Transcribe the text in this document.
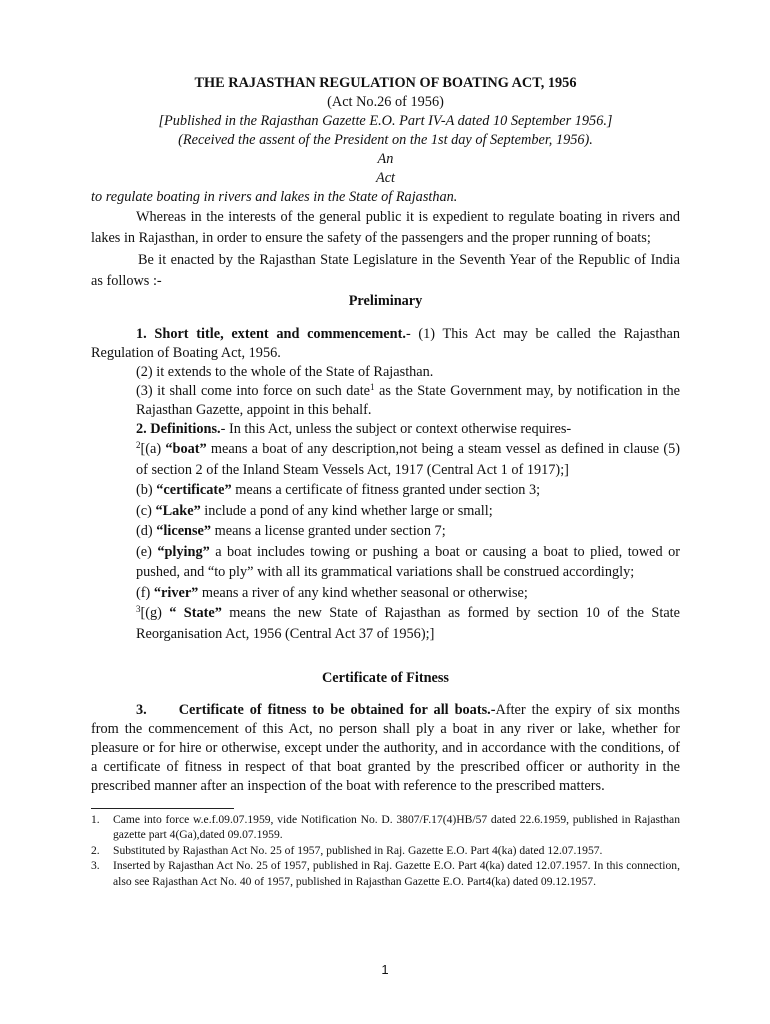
THE RAJASTHAN REGULATION OF BOATING ACT, 1956

(Act No.26 of 1956)

[Published in the Rajasthan Gazette E.O. Part IV-A dated 10 September 1956.]

(Received the assent of the President on the 1st day of September, 1956).

An

Act

to regulate boating in rivers and lakes in the State of Rajasthan.

Whereas in the interests of the general public it is expedient to regulate boating in rivers and lakes in Rajasthan, in order to ensure the safety of the passengers and the proper running of boats;

Be it enacted by the Rajasthan State Legislature in the Seventh Year of the Republic of India as follows :-

Preliminary

1. Short title, extent and commencement.- (1) This Act may be called the Rajasthan Regulation of Boating Act, 1956.

(2) it extends to the whole of the State of Rajasthan.

(3) it shall come into force on such date$^1$ as the State Government may, by notification in the Rajasthan Gazette, appoint in this behalf.

2. Definitions.- In this Act, unless the subject or context otherwise requires-

$^2$[(a) “boat” means a boat of any description,not being a steam vessel as defined in clause (5) of section 2 of the Inland Steam Vessels Act, 1917 (Central Act 1 of 1917);]

(b) “certificate” means a certificate of fitness granted under section 3;

(c) “Lake” include a pond of any kind whether large or small;

(d) “license” means a license granted under section 7;

(e) “plying” a boat includes towing or pushing a boat or causing a boat to plied, towed or pushed, and “to ply” with all its grammatical variations shall be construed accordingly;

(f) “river” means a river of any kind whether seasonal or otherwise;

$^3$[(g) “ State” means the new State of Rajasthan as formed by section 10 of the State Reorganisation Act, 1956 (Central Act 37 of 1956);]

Certificate of Fitness

3. Certificate of fitness to be obtained for all boats.-After the expiry of six months from the commencement of this Act, no person shall ply a boat in any river or lake, whether for pleasure or for hire or otherwise, except under the authority, and in accordance with the conditions, of a certificate of fitness in respect of that boat granted by the prescribed officer or authority in the prescribed manner after an inspection of the boat with reference to the prescribed matters.

1.	Came into force w.e.f.09.07.1959, vide Notification No. D. 3807/F.17(4)HB/57 dated 22.6.1959, published in Rajasthan gazette part 4(Ga),dated 09.07.1959.
2.	Substituted by Rajasthan Act No. 25 of 1957, published in Raj. Gazette E.O. Part 4(ka) dated 12.07.1957.
3.	Inserted by Rajasthan Act No. 25 of 1957, published in Raj. Gazette E.O. Part 4(ka) dated 12.07.1957. In this connection, also see Rajasthan Act No. 40 of 1957, published in Rajasthan Gazette E.O. Part4(ka) dated 09.12.1957.
1
